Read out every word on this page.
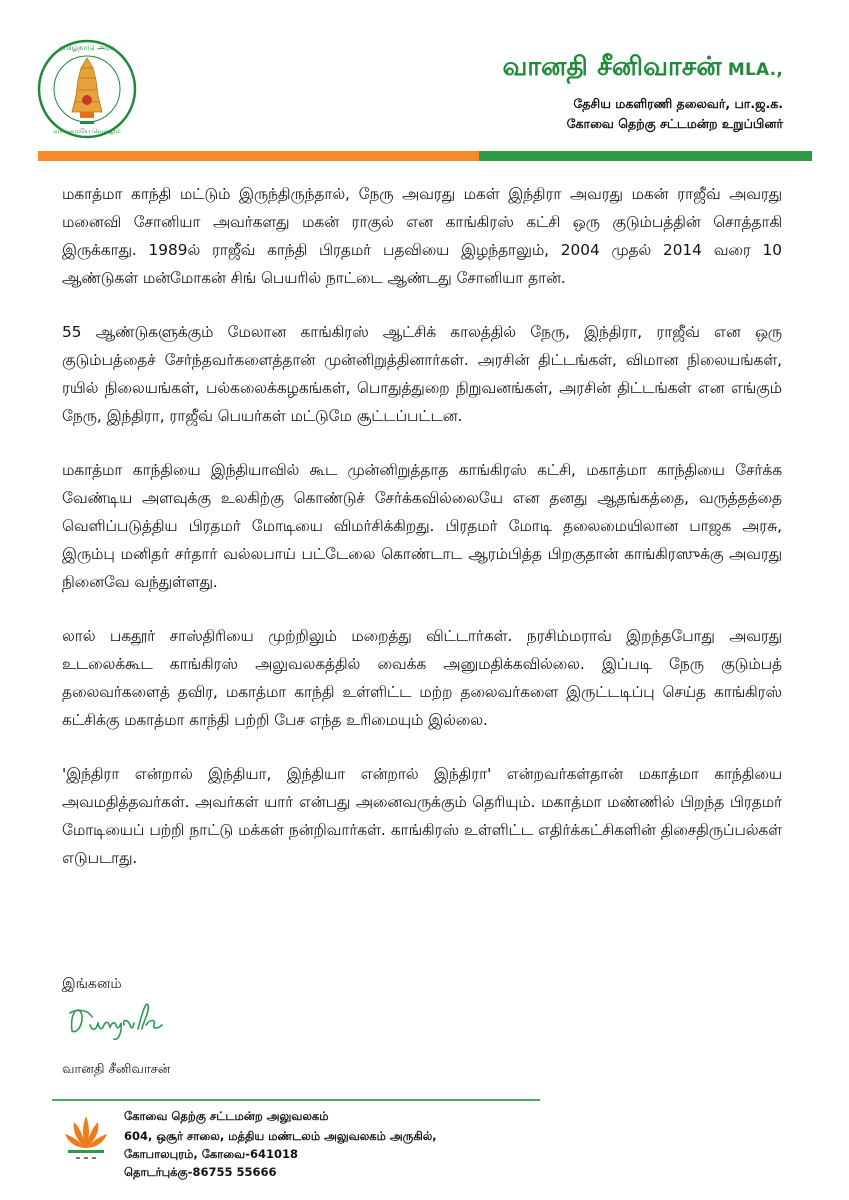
தமிழ்நாடு அரசு
வாய்மையே வெல்லும்
வானதி சீனிவாசன் MLA.,
தேசிய மகளிரணி தலைவர், பா.ஜ.க.
கோவை தெற்கு சட்டமன்ற உறுப்பினர்

மகாத்மா காந்தி மட்டும் இருந்திருந்தால், நேரு அவரது மகள் இந்திரா அவரது மகன் ராஜீவ் அவரது மனைவி சோனியா அவர்களது மகன் ராகுல் என காங்கிரஸ் கட்சி ஒரு குடும்பத்தின் சொத்தாகி இருக்காது. 1989ல் ராஜீவ் காந்தி பிரதமர் பதவியை இழந்தாலும், 2004 முதல் 2014 வரை 10 ஆண்டுகள் மன்மோகன் சிங் பெயரில் நாட்டை ஆண்டது சோனியா தான்.

55 ஆண்டுகளுக்கும் மேலான காங்கிரஸ் ஆட்சிக் காலத்தில் நேரு, இந்திரா, ராஜீவ் என ஒரு குடும்பத்தைச் சேர்ந்தவர்களைத்தான் முன்னிறுத்தினார்கள். அரசின் திட்டங்கள், விமான நிலையங்கள், ரயில் நிலையங்கள், பல்கலைக்கழகங்கள், பொதுத்துறை நிறுவனங்கள், அரசின் திட்டங்கள் என எங்கும் நேரு, இந்திரா, ராஜீவ் பெயர்கள் மட்டுமே சூட்டப்பட்டன.

மகாத்மா காந்தியை இந்தியாவில் கூட முன்னிறுத்தாத காங்கிரஸ் கட்சி, மகாத்மா காந்தியை சேர்க்க வேண்டிய அளவுக்கு உலகிற்கு கொண்டுச் சேர்க்கவில்லையே என தனது ஆதங்கத்தை, வருத்தத்தை வெளிப்படுத்திய பிரதமர் மோடியை விமர்சிக்கிறது. பிரதமர் மோடி தலைமையிலான பாஜக அரசு, இரும்பு மனிதர் சர்தார் வல்லபாய் பட்டேலை கொண்டாட ஆரம்பித்த பிறகுதான் காங்கிரஸுக்கு அவரது நினைவே வந்துள்ளது.

லால் பகதூர் சாஸ்திரியை முற்றிலும் மறைத்து விட்டார்கள். நரசிம்மராவ் இறந்தபோது அவரது உடலைக்கூட காங்கிரஸ் அலுவலகத்தில் வைக்க அனுமதிக்கவில்லை. இப்படி நேரு குடும்பத் தலைவர்களைத் தவிர, மகாத்மா காந்தி உள்ளிட்ட மற்ற தலைவர்களை இருட்டடிப்பு செய்த காங்கிரஸ் கட்சிக்கு மகாத்மா காந்தி பற்றி பேச எந்த உரிமையும் இல்லை.

'இந்திரா என்றால் இந்தியா, இந்தியா என்றால் இந்திரா' என்றவர்கள்தான் மகாத்மா காந்தியை அவமதித்தவர்கள். அவர்கள் யார் என்பது அனைவருக்கும் தெரியும். மகாத்மா மண்ணில் பிறந்த பிரதமர் மோடியைப் பற்றி நாட்டு மக்கள் நன்றிவார்கள். காங்கிரஸ் உள்ளிட்ட எதிர்க்கட்சிகளின் திசைதிருப்பல்கள் எடுபடாது.

இங்கனம்
வானதி சீனிவாசன்
கோவை தெற்கு சட்டமன்ற அலுவலகம்
604, ஒசூர் சாலை, மத்திய மண்டலம் அலுவலகம் அருகில்,
கோபாலபுரம், கோவை-641018
தொடர்புக்கு-86755 55666
